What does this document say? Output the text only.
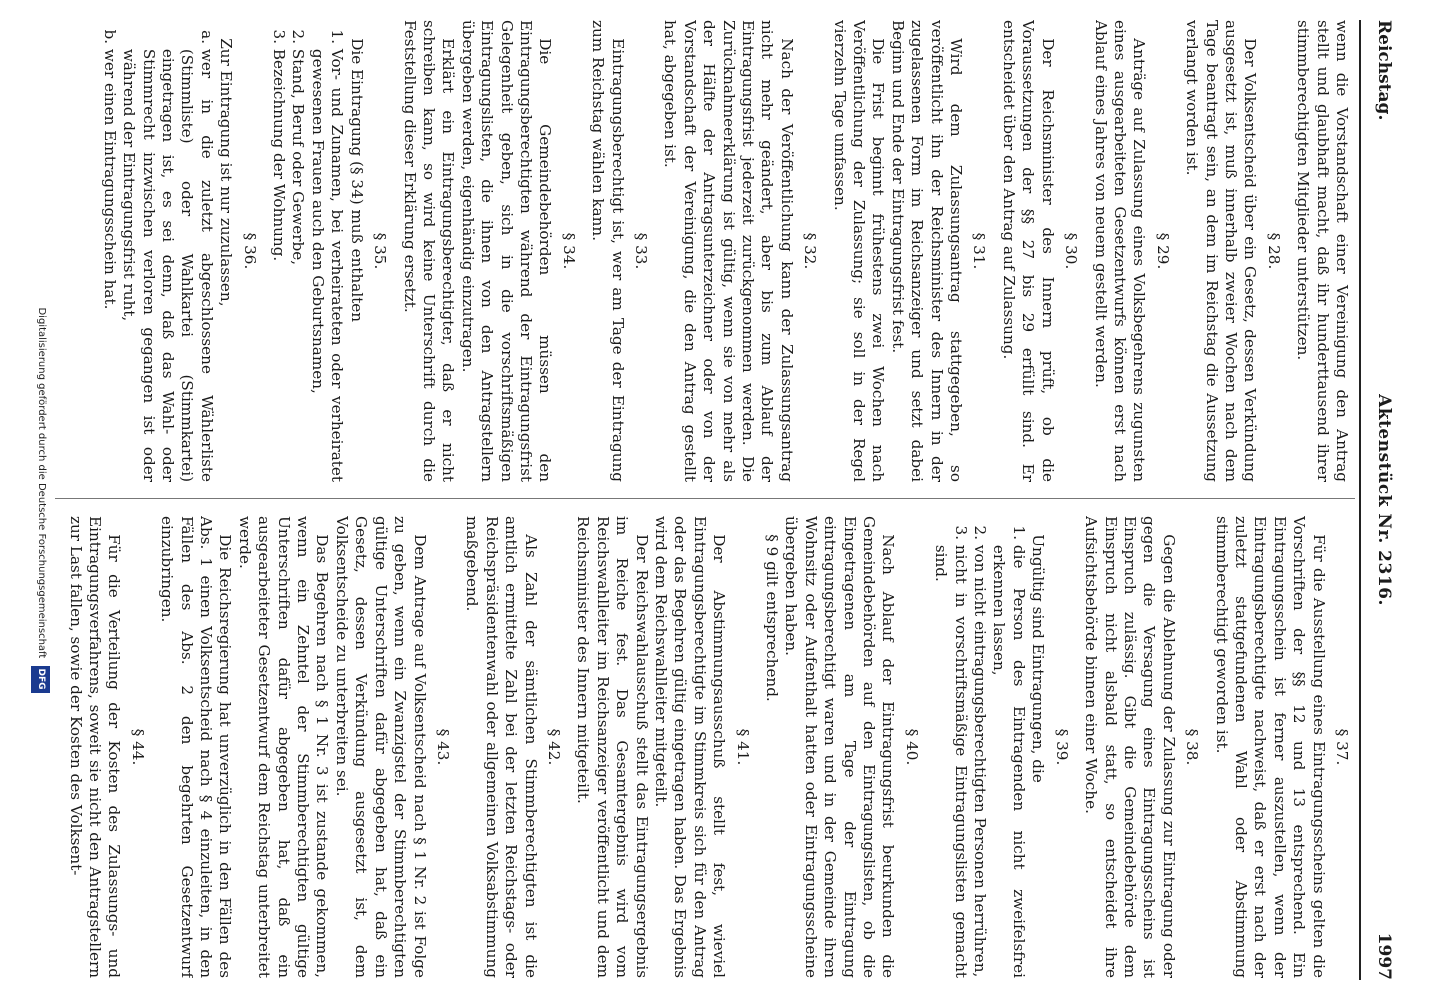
Reichstag.
Aktenstück Nr. 2316.
1997

wenn die Vorstandschaft einer Vereinigung den Antrag stellt und glaubhaft macht, daß ihr hunderttausend ihrer stimmberechtigten Mitglieder unterstützen.

§ 28.

Der Volksentscheid über ein Gesetz, dessen Verkündung ausgesetzt ist, muß innerhalb zweier Wochen nach dem Tage beantragt sein, an dem im Reichstag die Aussetzung verlangt worden ist.

§ 29.

Anträge auf Zulassung eines Volksbegehrens zugunsten eines ausgearbeiteten Gesetzentwurfs können erst nach Ablauf eines Jahres von neuem gestellt werden.

§ 30.

Der Reichsminister des Innern prüft, ob die Voraussetzungen der §§ 27 bis 29 erfüllt sind. Er entscheidet über den Antrag auf Zulassung.

§ 31.

Wird dem Zulassungsantrag stattgegeben, so veröffentlicht ihn der Reichsminister des Innern in der zugelassenen Form im Reichsanzeiger und setzt dabei Beginn und Ende der Eintragungsfrist fest.

Die Frist beginnt frühestens zwei Wochen nach Veröffentlichung der Zulassung; sie soll in der Regel vierzehn Tage umfassen.

§ 32.

Nach der Veröffentlichung kann der Zulassungsantrag nicht mehr geändert, aber bis zum Ablauf der Eintragungsfrist jederzeit zurückgenommen werden. Die Zurücknahmeerklärung ist gültig, wenn sie von mehr als der Hälfte der Antragsunterzeichner oder von der Vorstandschaft der Vereinigung, die den Antrag gestellt hat, abgegeben ist.

§ 33.

Eintragungsberechtigt ist, wer am Tage der Eintragung zum Reichstag wählen kann.

§ 34.

Die Gemeindebehörden müssen den Eintragungsberechtigten während der Eintragungsfrist Gelegenheit geben, sich in die vorschriftsmäßigen Eintragungslisten, die ihnen von den Antragstellern übergeben werden, eigenhändig einzutragen.

Erklärt ein Eintragungsberechtigter, daß er nicht schreiben kann, so wird keine Unterschrift durch die Feststellung dieser Erklärung ersetzt.

§ 35.

Die Eintragung (§ 34) muß enthalten

1. Vor- und Zunamen, bei verheirateten oder verheiratet gewesenen Frauen auch den Geburtsnamen,
2. Stand, Beruf oder Gewerbe,
3. Bezeichnung der Wohnung.
§ 36.

Zur Eintragung ist nur zuzulassen,

a. wer in die zuletzt abgeschlossene Wählerliste (Stimmliste) oder Wahlkartei (Stimmkartei) eingetragen ist, es sei denn, daß das Wahl- oder Stimmrecht inzwischen verloren gegangen ist oder während der Eintragungsfrist ruht,
b. wer einen Eintragungsschein hat.
§ 37.

Für die Ausstellung eines Eintragungsscheins gelten die Vorschriften der §§ 12 und 13 entsprechend. Ein Eintragungsschein ist ferner auszustellen, wenn der Eintragungsberechtigte nachweist, daß er erst nach der zuletzt stattgefundenen Wahl oder Abstimmung stimmberechtigt geworden ist.

§ 38.

Gegen die Ablehnung der Zulassung zur Eintragung oder gegen die Versagung eines Eintragungsscheins ist Einspruch zulässig. Gibt die Gemeindebehörde dem Einspruch nicht alsbald statt, so entscheidet ihre Aufsichtsbehörde binnen einer Woche.

§ 39.

Ungültig sind Eintragungen, die

1. die Person des Eintragenden nicht zweifelsfrei erkennen lassen,
2. von nicht eintragungsberechtigten Personen herrühren,
3. nicht in vorschriftsmäßige Eintragungslisten gemacht sind.
§ 40.

Nach Ablauf der Eintragungsfrist beurkunden die Gemeindebehörden auf den Eintragungslisten, ob die Eingetragenen am Tage der Eintragung eintragungsberechtigt waren und in der Gemeinde ihren Wohnsitz oder Aufenthalt hatten oder Eintragungsscheine übergeben haben.

§ 9 gilt entsprechend.

§ 41.

Der Abstimmungsausschuß stellt fest, wieviel Eintragungsberechtigte im Stimmkreis sich für den Antrag oder das Begehren gültig eingetragen haben. Das Ergebnis wird dem Reichswahlleiter mitgeteilt.

Der Reichswahlausschuß stellt das Eintragungsergebnis im Reiche fest. Das Gesamtergebnis wird vom Reichswahlleiter im Reichsanzeiger veröffentlicht und dem Reichsminister des Innern mitgeteilt.

§ 42.

Als Zahl der sämtlichen Stimmberechtigten ist die amtlich ermittelte Zahl bei der letzten Reichstags- oder Reichspräsidentenwahl oder allgemeinen Volksabstimmung maßgebend.

§ 43.

Dem Antrage auf Volksentscheid nach § 1 Nr. 2 ist Folge zu geben, wenn ein Zwanzigstel der Stimmberechtigten gültige Unterschriften dafür abgegeben hat, daß ein Gesetz, dessen Verkündung ausgesetzt ist, dem Volksentscheide zu unterbreiten sei.

Das Begehren nach § 1 Nr. 3 ist zustande gekommen, wenn ein Zehntel der Stimmberechtigten gültige Unterschriften dafür abgegeben hat, daß ein ausgearbeiteter Gesetzentwurf dem Reichstag unterbreitet werde.

Die Reichsregierung hat unverzüglich in den Fällen des Abs. 1 einen Volksentscheid nach § 4 einzuleiten, in den Fällen des Abs. 2 den begehrten Gesetzentwurf einzubringen.

§ 44.

Für die Verteilung der Kosten des Zulassungs- und Eintragungsverfahrens, soweit sie nicht den Antragstellern zur Last fallen, sowie der Kosten des Volksent-

Digitalisierung gefördert durch die Deutsche Forschungsgemeinschaft DFG
